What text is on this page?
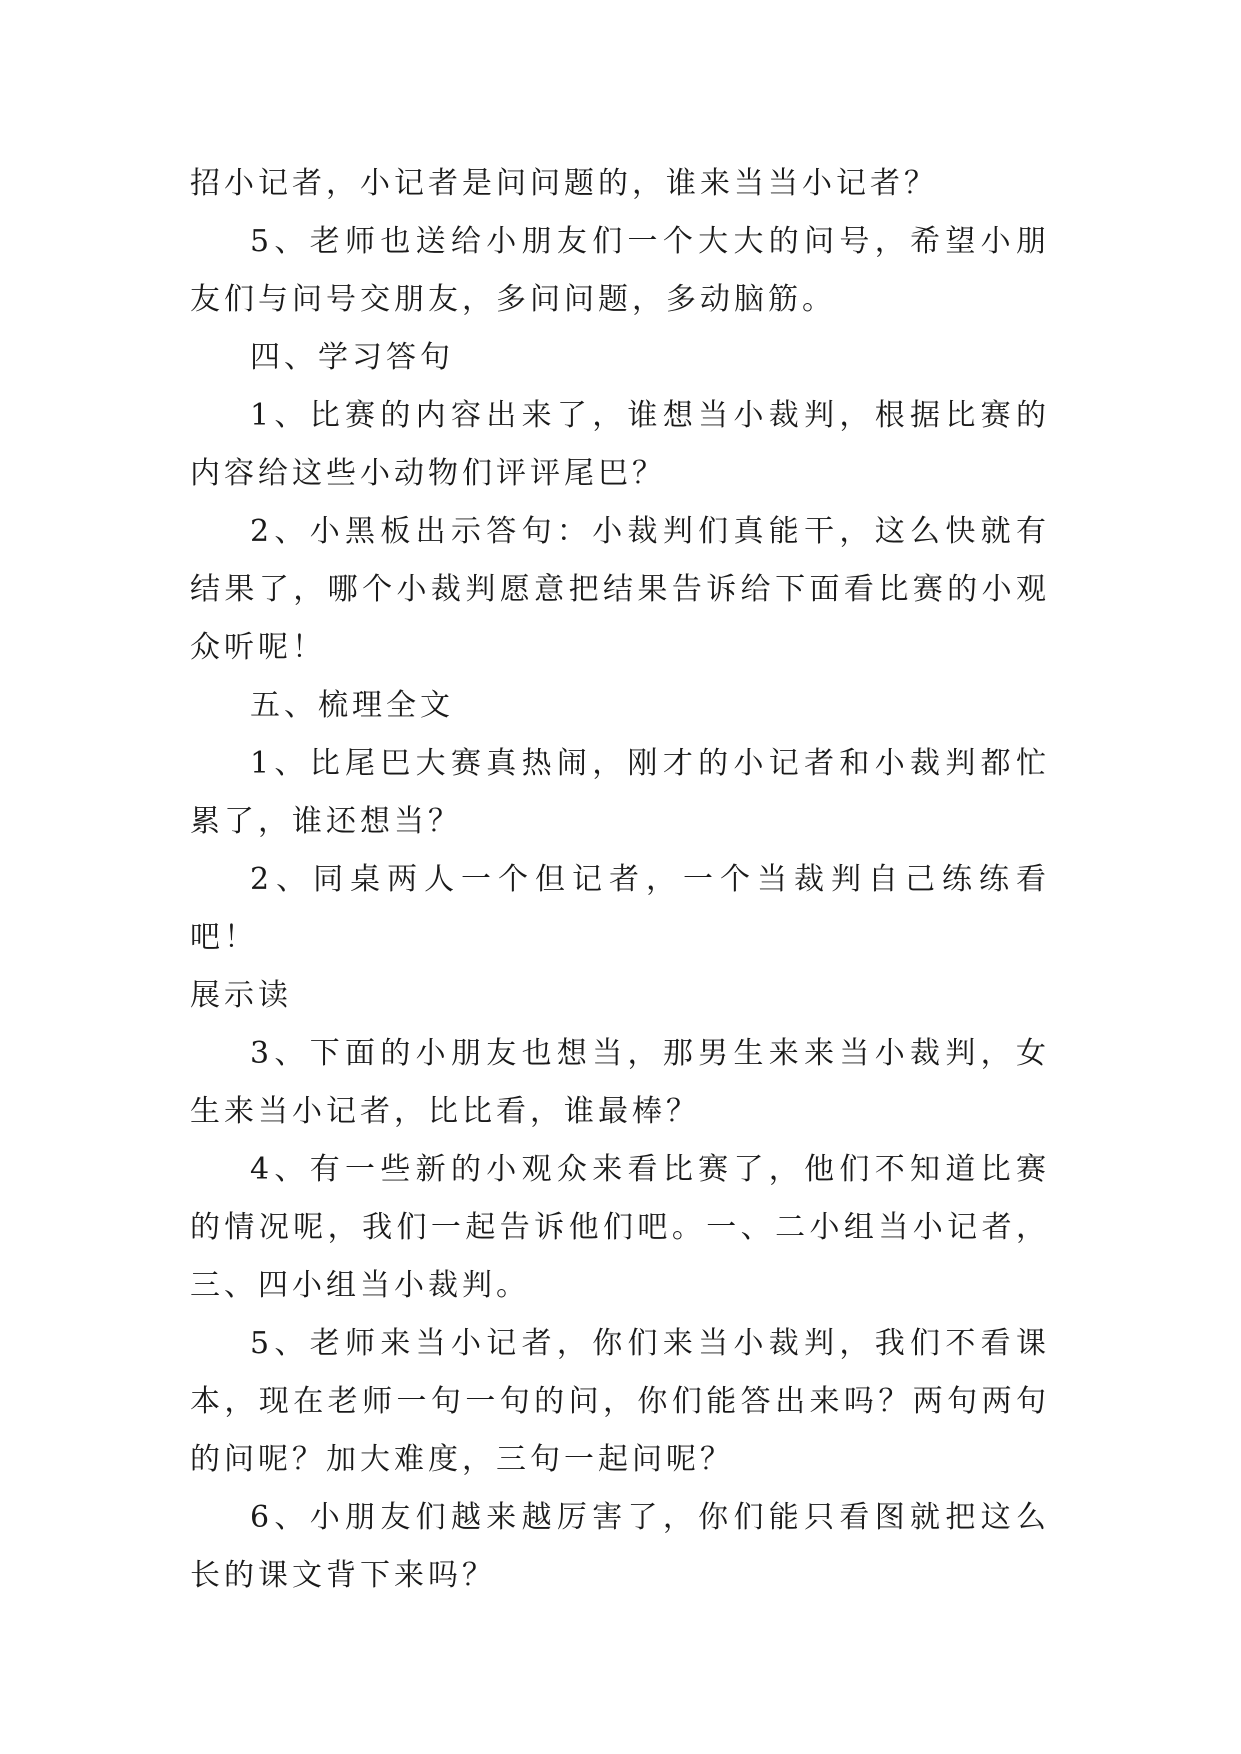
招小记者，小记者是问问题的，谁来当当小记者？

5、老师也送给小朋友们一个大大的问号，希望小朋友们与问号交朋友，多问问题，多动脑筋。

四、学习答句

1、比赛的内容出来了，谁想当小裁判，根据比赛的内容给这些小动物们评评尾巴？

2、小黑板出示答句：小裁判们真能干，这么快就有结果了，哪个小裁判愿意把结果告诉给下面看比赛的小观众听呢！

五、梳理全文

1、比尾巴大赛真热闹，刚才的小记者和小裁判都忙累了，谁还想当？

2、同桌两人一个但记者，一个当裁判自己练练看吧！
展示读

3、下面的小朋友也想当，那男生来来当小裁判，女生来当小记者，比比看，谁最棒？

4、有一些新的小观众来看比赛了，他们不知道比赛的情况呢，我们一起告诉他们吧。一、二小组当小记者，三、四小组当小裁判。

5、老师来当小记者，你们来当小裁判，我们不看课本，现在老师一句一句的问，你们能答出来吗？两句两句的问呢？加大难度，三句一起问呢？

6、小朋友们越来越厉害了，你们能只看图就把这么长的课文背下来吗？
